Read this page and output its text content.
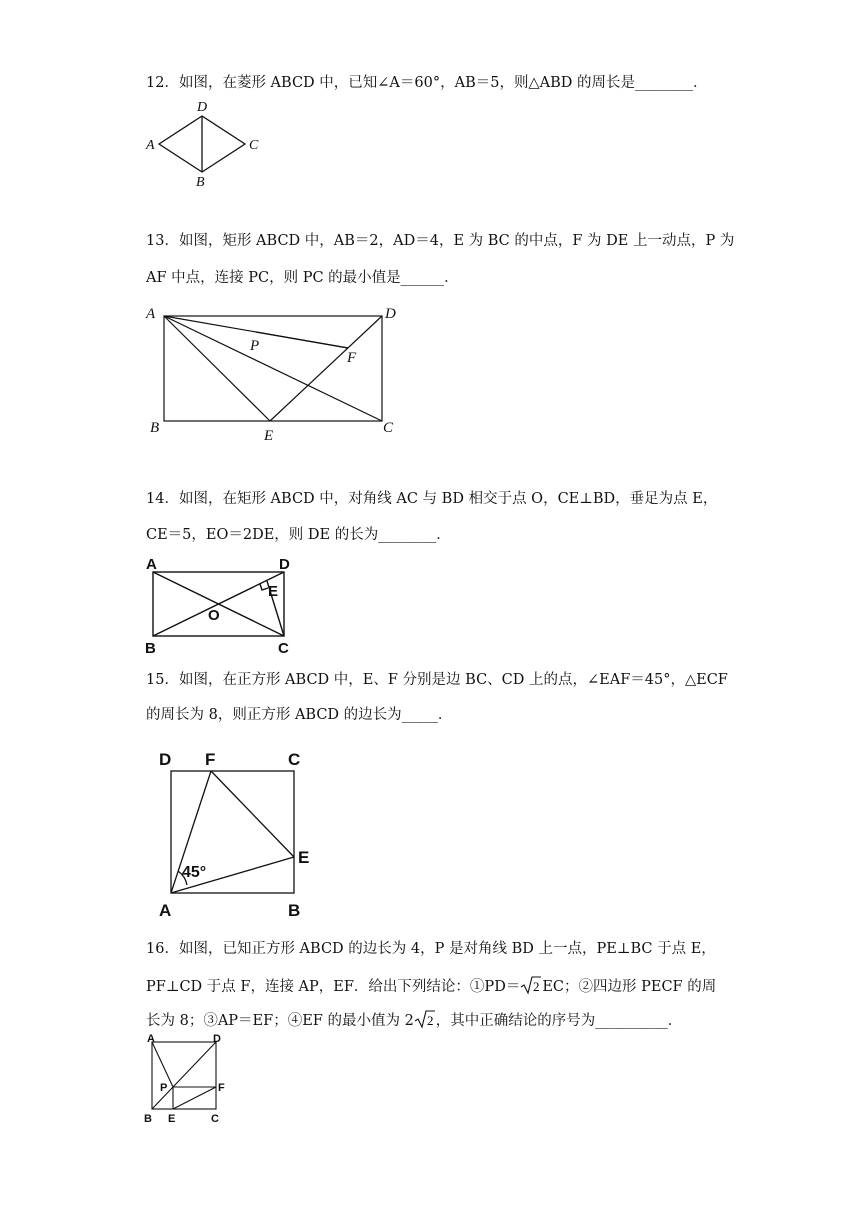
12．如图，在菱形 ABCD 中，已知∠A＝60°，AB＝5，则△ABD 的周长是________．
A
D
C
B
13．如图，矩形 ABCD 中，AB＝2，AD＝4，E 为 BC 的中点，F 为 DE 上一动点，P 为
AF 中点，连接 PC，则 PC 的最小值是______．
A	D
P
F
B	E	C
14．如图，在矩形 ABCD 中，对角线 AC 与 BD 相交于点 O，CE⊥BD，垂足为点 E，
CE＝5，EO＝2DE，则 DE 的长为________．
A	D
E
O
B	C
15．如图，在正方形 ABCD 中，E、F 分别是边 BC、CD 上的点，∠EAF＝45°，△ECF
的周长为 8，则正方形 ABCD 的边长为_____．
D F	C
E
45°
A	B
16．如图，已知正方形 ABCD 的边长为 4，P 是对角线 BD 上一点，PE⊥BC 于点 E，
PF⊥CD 于点 F，连接 AP，EF．给出下列结论：①PD＝ 2 EC；②四边形 PECF 的周
长为 8；③AP＝EF；④EF 的最小值为 2 2 ，其中正确结论的序号为__________．
A	D
P	F
B E	C
